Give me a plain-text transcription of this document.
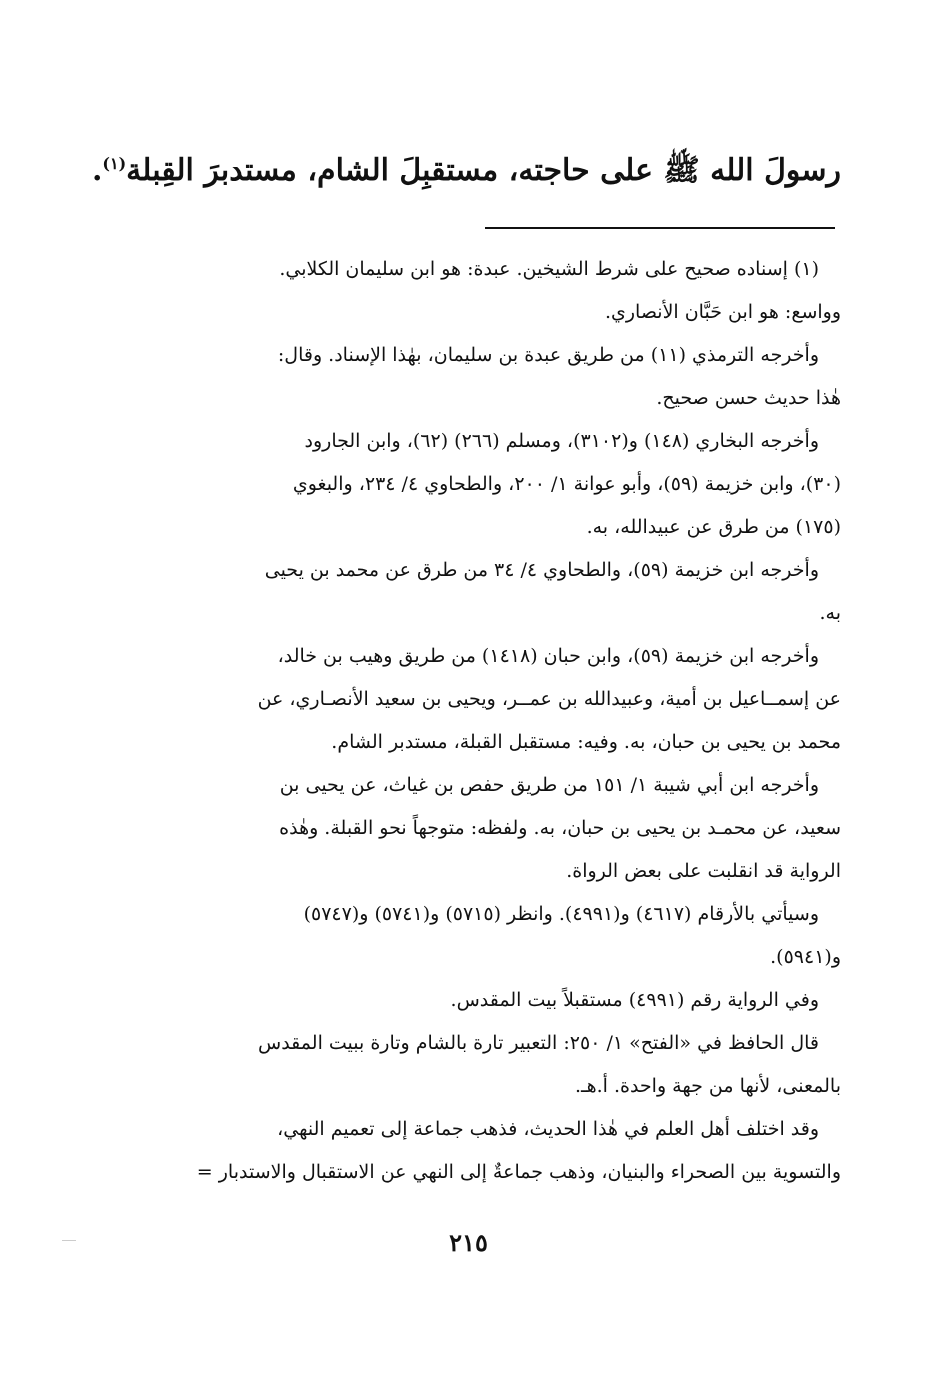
رسولَ الله ﷺ على حاجته، مستقبِلَ الشام، مستدبرَ القِبلة$^{(١)}$.
(١) إسناده صحيح على شرط الشيخين. عبدة: هو ابن سليمان الكلابي.
وواسع: هو ابن حَبَّان الأنصاري.
وأخرجه الترمذي (١١) من طريق عبدة بن سليمان، بهٰذا الإسناد. وقال:
هٰذا حديث حسن صحيح.
وأخرجه البخاري (١٤٨) و(٣١٠٢)، ومسلم (٢٦٦) (٦٢)، وابن الجارود
(٣٠)، وابن خزيمة (٥٩)، وأبو عوانة ١/ ٢٠٠، والطحاوي ٤/ ٢٣٤، والبغوي
(١٧٥) من طرق عن عبيدالله، به.
وأخرجه ابن خزيمة (٥٩)، والطحاوي ٤/ ٣٤ من طرق عن محمد بن يحيى
به.
وأخرجه ابن خزيمة (٥٩)، وابن حبان (١٤١٨) من طريق وهيب بن خالد،
عن إسمــاعيل بن أمية، وعبيدالله بن عمــر، ويحيى بن سعيد الأنصـاري، عن
محمد بن يحيى بن حبان، به. وفيه: مستقبل القبلة، مستدبر الشام.
وأخرجه ابن أبي شيبة ١/ ١٥١ من طريق حفص بن غياث، عن يحيى بن
سعيد، عن محمـد بن يحيى بن حبان، به. ولفظه: متوجهاً نحو القبلة. وهٰذه
الرواية قد انقلبت على بعض الرواة.
وسيأتي بالأرقام (٤٦١٧) و(٤٩٩١). وانظر (٥٧١٥) و(٥٧٤١) و(٥٧٤٧)
و(٥٩٤١).
وفي الرواية رقم (٤٩٩١) مستقبلاً بيت المقدس.
قال الحافظ في «الفتح» ١/ ٢٥٠: التعبير تارة بالشام وتارة ببيت المقدس
بالمعنى، لأنها من جهة واحدة. أ.هـ.
وقد اختلف أهل العلم في هٰذا الحديث، فذهب جماعة إلى تعميم النهي،
والتسوية بين الصحراء والبنيان، وذهب جماعةٌ إلى النهي عن الاستقبال والاستدبار =
٢١٥
